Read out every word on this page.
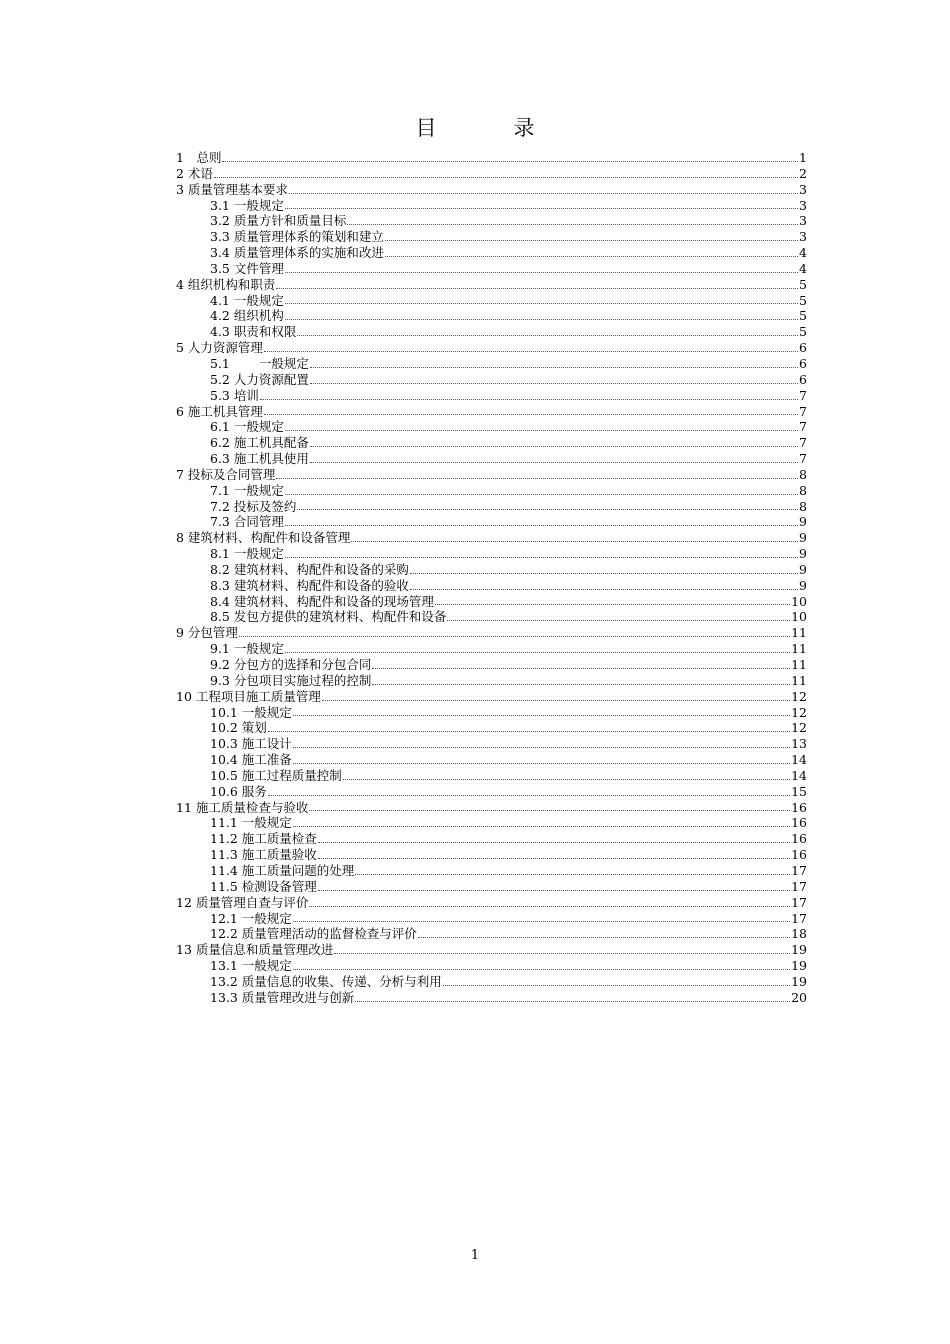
目　录
1　总则	1
2 术语	2
3 质量管理基本要求	3
3.1 一般规定	3
3.2 质量方针和质量目标	3
3.3 质量管理体系的策划和建立	3
3.4 质量管理体系的实施和改进	4
3.5 文件管理	4
4 组织机构和职责	5
4.1 一般规定	5
4.2 组织机构	5
4.3 职责和权限	5
5 人力资源管理	6
5.1　　 一般规定	6
5.2 人力资源配置	6
5.3 培训	7
6 施工机具管理	7
6.1 一般规定	7
6.2 施工机具配备	7
6.3 施工机具使用	7
7 投标及合同管理	8
7.1 一般规定	8
7.2 投标及签约	8
7.3 合同管理	9
8 建筑材料、构配件和设备管理	9
8.1 一般规定	9
8.2 建筑材料、构配件和设备的采购	9
8.3 建筑材料、构配件和设备的验收	9
8.4 建筑材料、构配件和设备的现场管理	10
8.5 发包方提供的建筑材料、构配件和设备	10
9 分包管理	11
9.1 一般规定	11
9.2 分包方的选择和分包合同	11
9.3 分包项目实施过程的控制	11
10 工程项目施工质量管理	12
10.1 一般规定	12
10.2 策划	12
10.3 施工设计	13
10.4 施工准备	14
10.5 施工过程质量控制	14
10.6 服务	15
11 施工质量检查与验收	16
11.1 一般规定	16
11.2 施工质量检查	16
11.3 施工质量验收	16
11.4 施工质量问题的处理	17
11.5 检测设备管理	17
12 质量管理自查与评价	17
12.1 一般规定	17
12.2 质量管理活动的监督检查与评价	18
13 质量信息和质量管理改进	19
13.1 一般规定	19
13.2 质量信息的收集、传递、分析与利用	19
13.3 质量管理改进与创新	20
1
